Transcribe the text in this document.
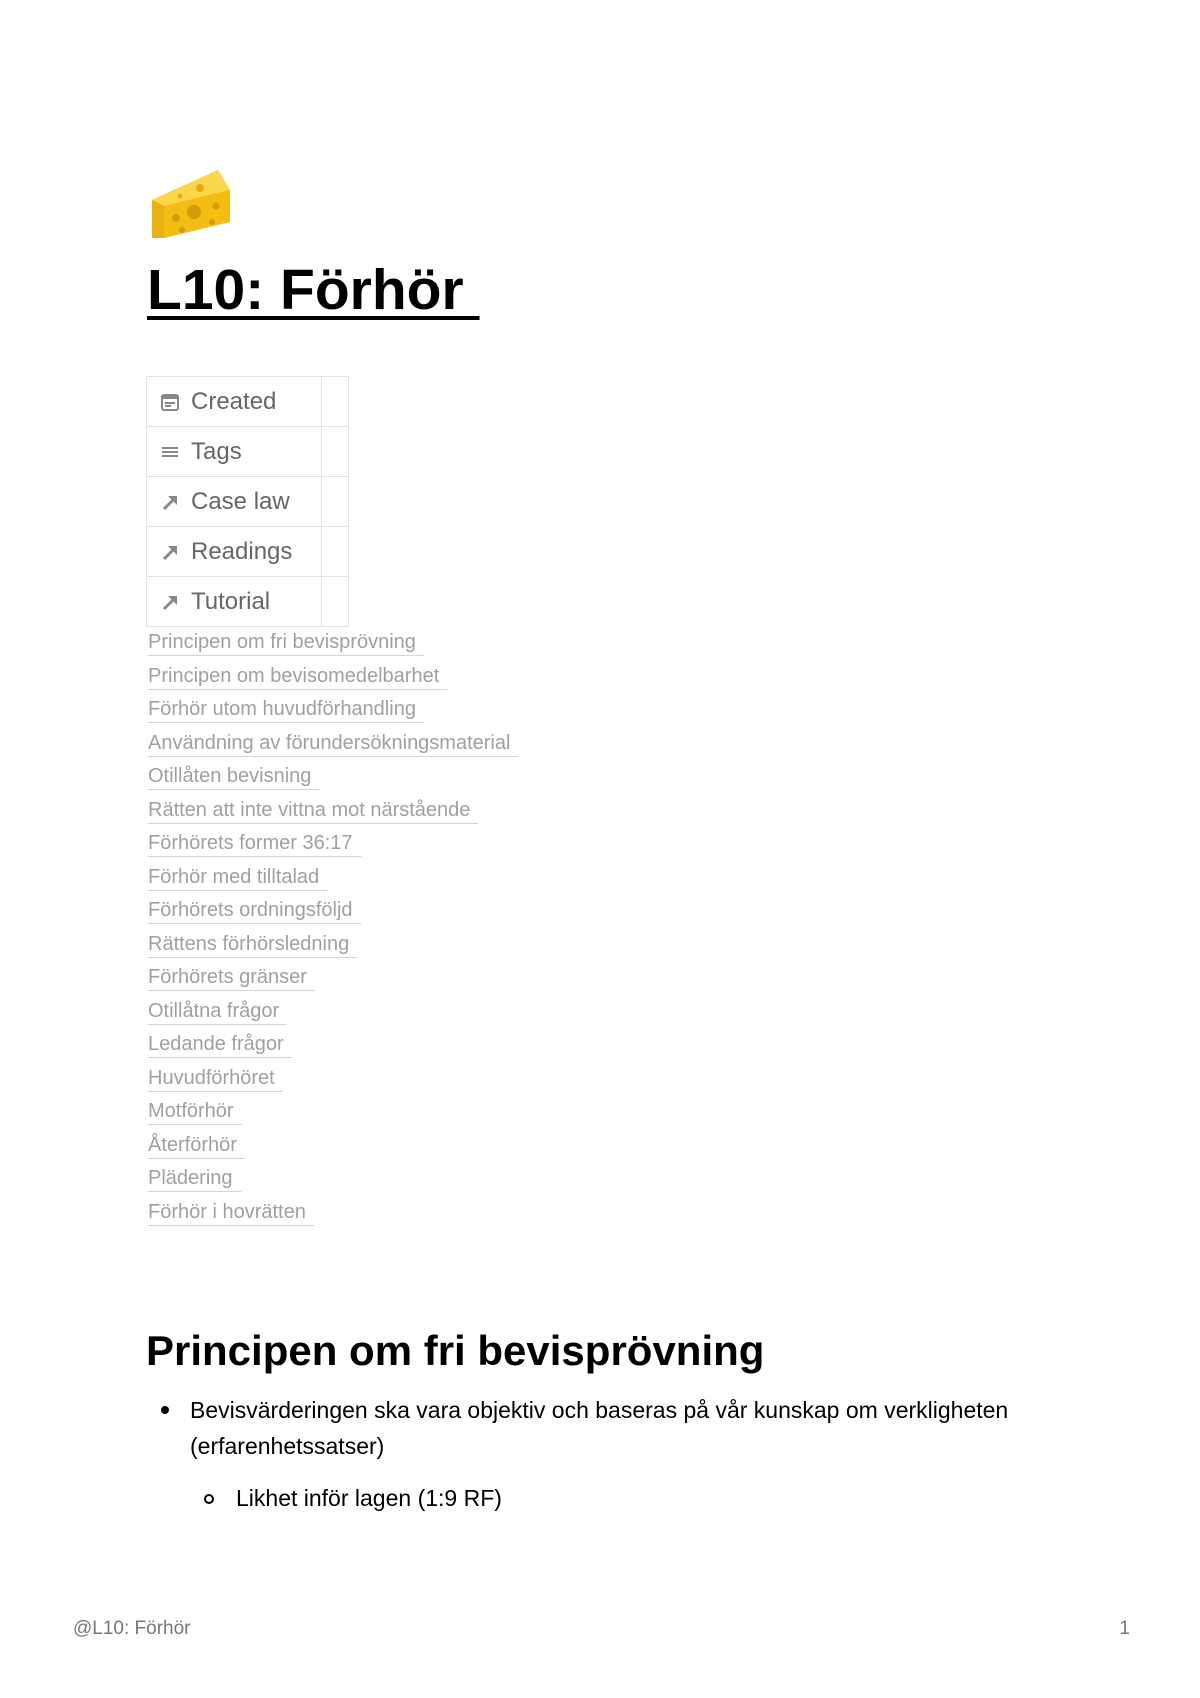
L10: Förhör
Created	

Tags	

Case law	

Readings	

Tutorial	

Principen om fri bevisprövning
Principen om bevisomedelbarhet
Förhör utom huvudförhandling
Användning av förundersökningsmaterial
Otillåten bevisning
Rätten att inte vittna mot närstående
Förhörets former 36:17
Förhör med tilltalad
Förhörets ordningsföljd
Rättens förhörsledning
Förhörets gränser
Otillåtna frågor
Ledande frågor
Huvudförhöret
Motförhör
Återförhör
Plädering
Förhör i hovrätten
Principen om fri bevisprövning
Bevisvärderingen ska vara objektiv och baseras på vår kunskap om verkligheten (erfarenhetssatser)
Likhet inför lagen (1:9 RF)
@L10: Förhör	1
